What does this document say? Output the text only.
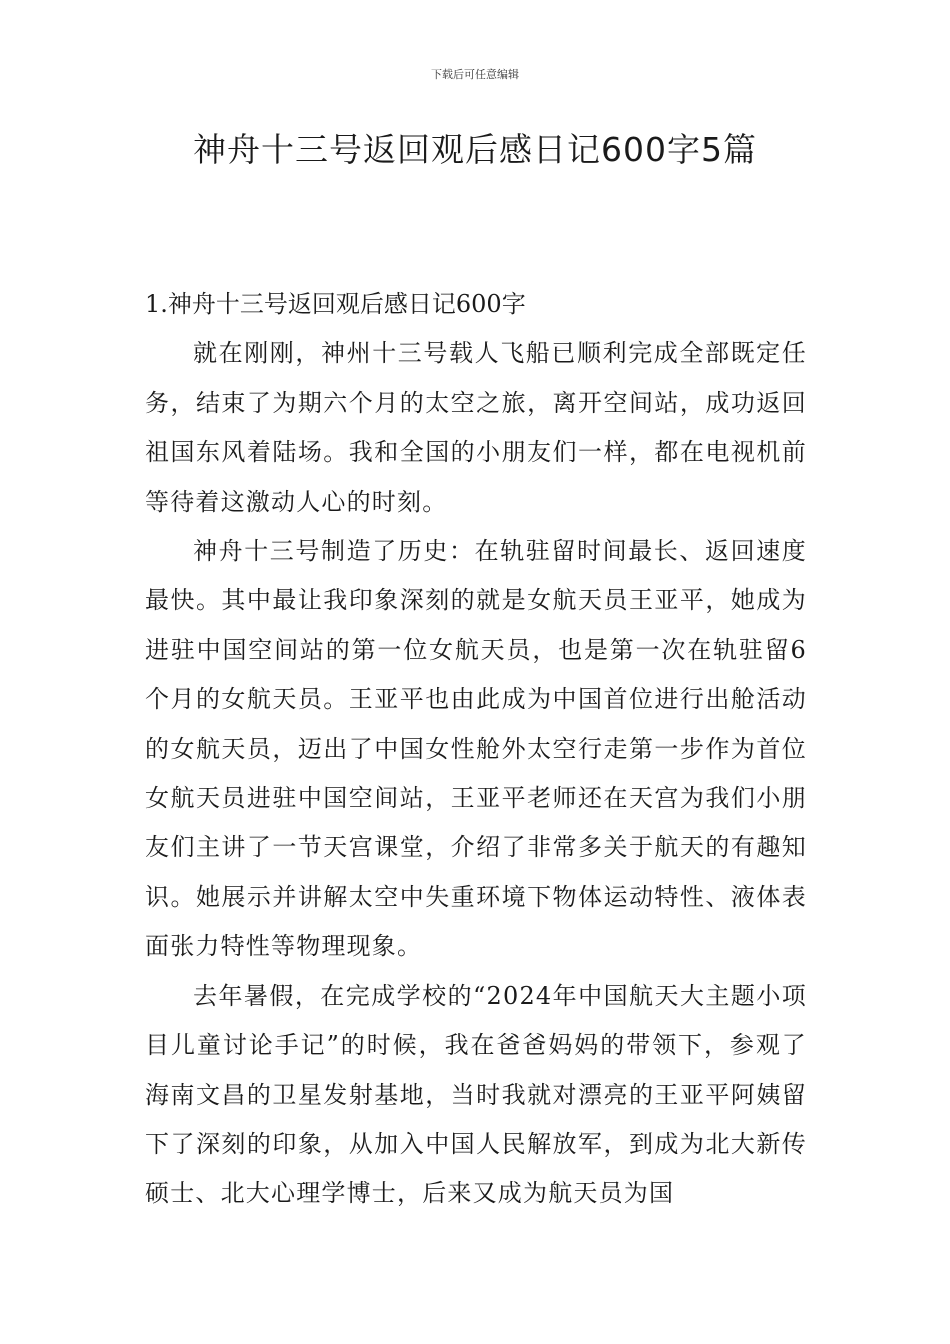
下载后可任意编辑
神舟十三号返回观后感日记600字5篇

1.神舟十三号返回观后感日记600字

就在刚刚，神州十三号载人飞船已顺利完成全部既定任务，结束了为期六个月的太空之旅，离开空间站，成功返回祖国东风着陆场。我和全国的小朋友们一样，都在电视机前等待着这激动人心的时刻。

神舟十三号制造了历史：在轨驻留时间最长、返回速度最快。其中最让我印象深刻的就是女航天员王亚平，她成为进驻中国空间站的第一位女航天员，也是第一次在轨驻留6个月的女航天员。王亚平也由此成为中国首位进行出舱活动的女航天员，迈出了中国女性舱外太空行走第一步作为首位女航天员进驻中国空间站，王亚平老师还在天宫为我们小朋友们主讲了一节天宫课堂，介绍了非常多关于航天的有趣知识。她展示并讲解太空中失重环境下物体运动特性、液体表面张力特性等物理现象。

去年暑假，在完成学校的“2024年中国航天大主题小项目儿童讨论手记”的时候，我在爸爸妈妈的带领下，参观了海南文昌的卫星发射基地，当时我就对漂亮的王亚平阿姨留下了深刻的印象，从加入中国人民解放军，到成为北大新传硕士、北大心理学博士，后来又成为航天员为国
